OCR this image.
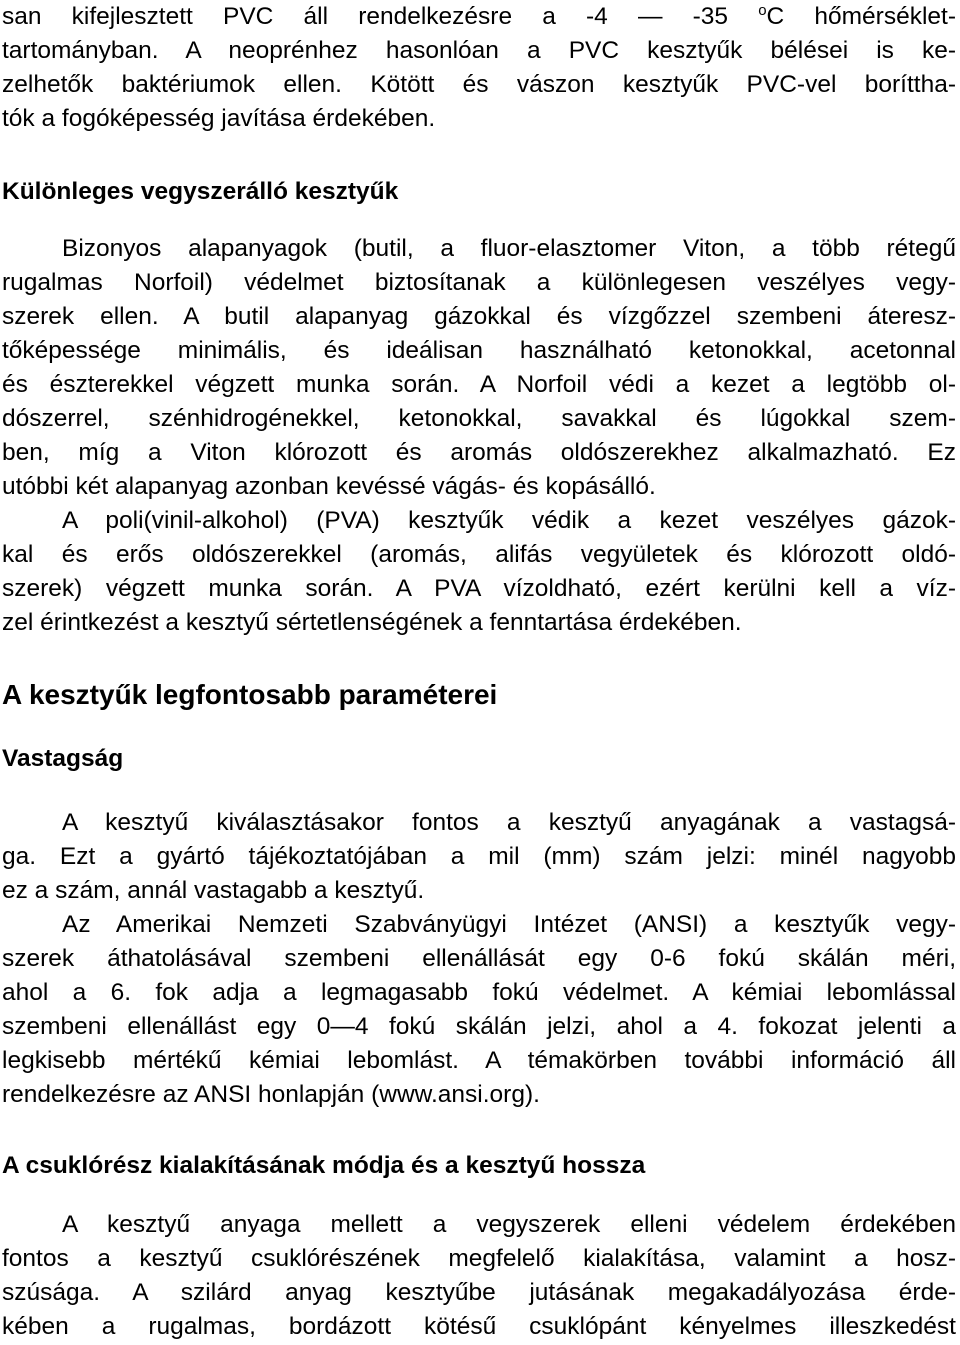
san kifejlesztett PVC áll rendelkezésre a -4 — -35 $^o$C hőmérséklet-
tartományban. A neoprénhez hasonlóan a PVC kesztyűk bélései is ke-
zelhetők baktériumok ellen. Kötött és vászon kesztyűk PVC-vel boríttha-
tók a fogóképesség javítása érdekében.
Különleges vegyszerálló kesztyűk
Bizonyos alapanyagok (butil, a fluor-elasztomer Viton, a több rétegű
rugalmas Norfoil) védelmet biztosítanak a különlegesen veszélyes vegy-
szerek ellen. A butil alapanyag gázokkal és vízgőzzel szembeni áteresz-
tőképessége minimális, és ideálisan használható ketonokkal, acetonnal
és észterekkel végzett munka során. A Norfoil védi a kezet a legtöbb ol-
dószerrel, szénhidrogénekkel, ketonokkal, savakkal és lúgokkal szem-
ben, míg a Viton klórozott és aromás oldószerekhez alkalmazható. Ez
utóbbi két alapanyag azonban kevéssé vágás- és kopásálló.
A poli(vinil-alkohol) (PVA) kesztyűk védik a kezet veszélyes gázok-
kal és erős oldószerekkel (aromás, alifás vegyületek és klórozott oldó-
szerek) végzett munka során. A PVA vízoldható, ezért kerülni kell a víz-
zel érintkezést a kesztyű sértetlenségének a fenntartása érdekében.
A kesztyűk legfontosabb paraméterei
Vastagság
A kesztyű kiválasztásakor fontos a kesztyű anyagának a vastagsá-
ga. Ezt a gyártó tájékoztatójában a mil (mm) szám jelzi: minél nagyobb
ez a szám, annál vastagabb a kesztyű.
Az Amerikai Nemzeti Szabványügyi Intézet (ANSI) a kesztyűk vegy-
szerek áthatolásával szembeni ellenállását egy 0-6 fokú skálán méri,
ahol a 6. fok adja a legmagasabb fokú védelmet. A kémiai lebomlással
szembeni ellenállást egy 0—4 fokú skálán jelzi, ahol a 4. fokozat jelenti a
legkisebb mértékű kémiai lebomlást. A témakörben további információ áll
rendelkezésre az ANSI honlapján (www.ansi.org).
A csuklórész kialakításának módja és a kesztyű hossza
A kesztyű anyaga mellett a vegyszerek elleni védelem érdekében
fontos a kesztyű csuklórészének megfelelő kialakítása, valamint a hosz-
szúsága. A szilárd anyag kesztyűbe jutásának megakadályozása érde-
kében a rugalmas, bordázott kötésű csuklópánt kényelmes illeszkedést
